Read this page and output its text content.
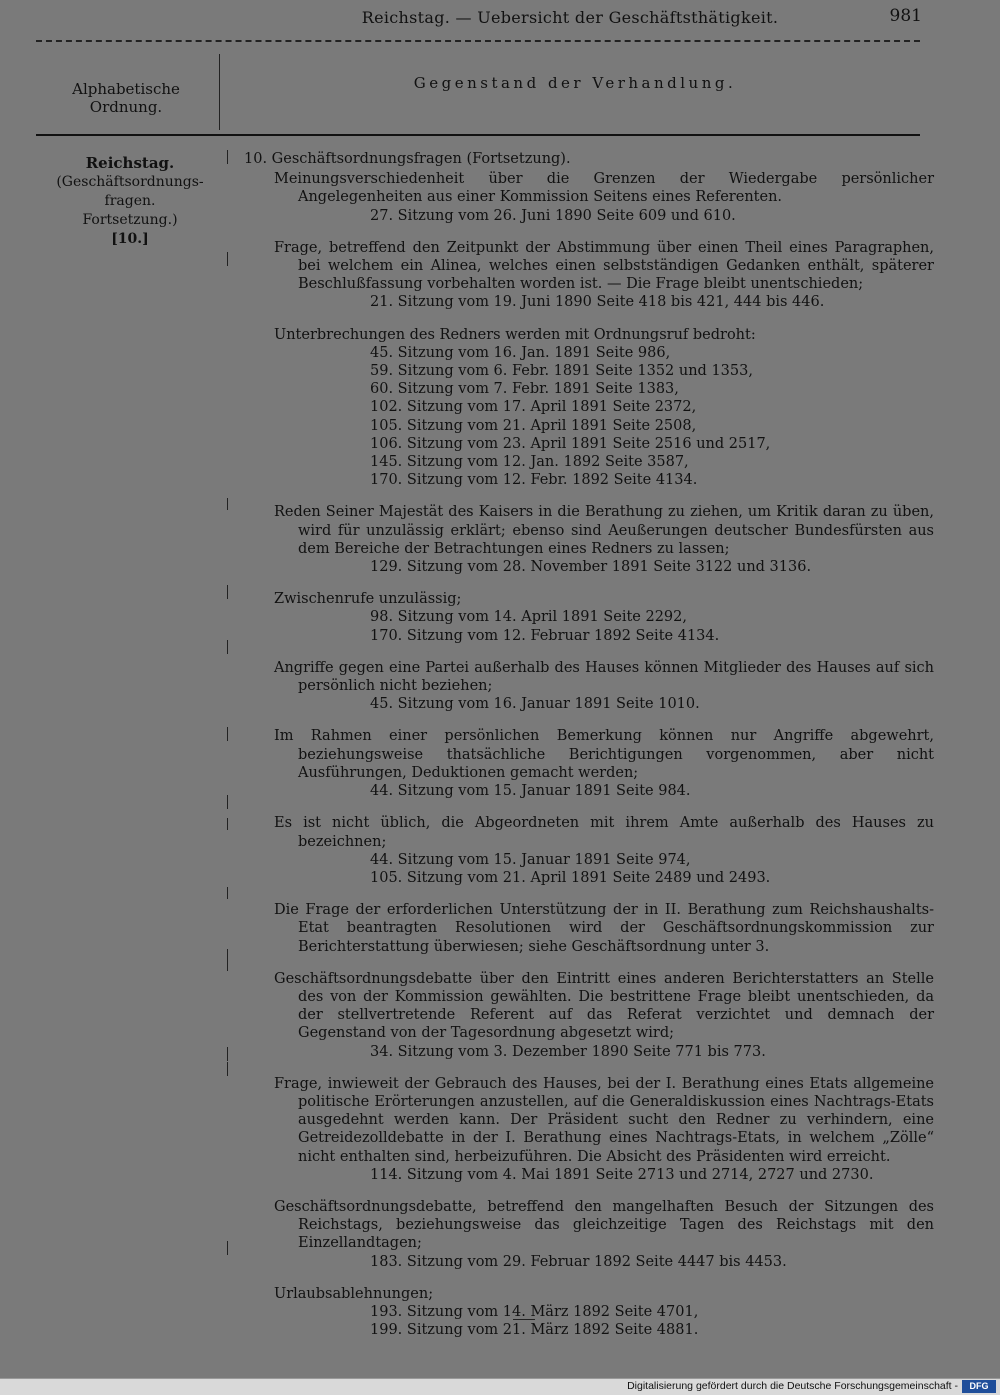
Reichstag. — Uebersicht der Geschäftsthätigkeit.	981
Alphabetische Ordnung.
Gegenstand der Verhandlung.
Reichstag.
(Geschäftsordnungs-
fragen.
Fortsetzung.)
[10.]
10. Geschäftsordnungsfragen (Fortsetzung).
Meinungsverschiedenheit über die Grenzen der Wiedergabe persönlicher Angelegenheiten aus einer Kommission Seitens eines Referenten.
27. Sitzung vom 26. Juni 1890 Seite 609 und 610.
Frage, betreffend den Zeitpunkt der Abstimmung über einen Theil eines Paragraphen, bei welchem ein Alinea, welches einen selbstständigen Gedanken enthält, späterer Beschlußfassung vorbehalten worden ist. — Die Frage bleibt unentschieden;
21. Sitzung vom 19. Juni 1890 Seite 418 bis 421, 444 bis 446.
Unterbrechungen des Redners werden mit Ordnungsruf bedroht:
45. Sitzung vom 16. Jan. 1891 Seite 986,
59. Sitzung vom 6. Febr. 1891 Seite 1352 und 1353,
60. Sitzung vom 7. Febr. 1891 Seite 1383,
102. Sitzung vom 17. April 1891 Seite 2372,
105. Sitzung vom 21. April 1891 Seite 2508,
106. Sitzung vom 23. April 1891 Seite 2516 und 2517,
145. Sitzung vom 12. Jan. 1892 Seite 3587,
170. Sitzung vom 12. Febr. 1892 Seite 4134.
Reden Seiner Majestät des Kaisers in die Berathung zu ziehen, um Kritik daran zu üben, wird für unzulässig erklärt; ebenso sind Aeußerungen deutscher Bundesfürsten aus dem Bereiche der Betrachtungen eines Redners zu lassen;
129. Sitzung vom 28. November 1891 Seite 3122 und 3136.
Zwischenrufe unzulässig;
98. Sitzung vom 14. April 1891 Seite 2292,
170. Sitzung vom 12. Februar 1892 Seite 4134.
Angriffe gegen eine Partei außerhalb des Hauses können Mitglieder des Hauses auf sich persönlich nicht beziehen;
45. Sitzung vom 16. Januar 1891 Seite 1010.
Im Rahmen einer persönlichen Bemerkung können nur Angriffe abgewehrt, beziehungsweise thatsächliche Berichtigungen vorgenommen, aber nicht Ausführungen, Deduktionen gemacht werden;
44. Sitzung vom 15. Januar 1891 Seite 984.
Es ist nicht üblich, die Abgeordneten mit ihrem Amte außerhalb des Hauses zu bezeichnen;
44. Sitzung vom 15. Januar 1891 Seite 974,
105. Sitzung vom 21. April 1891 Seite 2489 und 2493.
Die Frage der erforderlichen Unterstützung der in II. Berathung zum Reichshaushalts-Etat beantragten Resolutionen wird der Geschäftsordnungskommission zur Berichterstattung überwiesen; siehe Geschäftsordnung unter 3.
Geschäftsordnungsdebatte über den Eintritt eines anderen Berichterstatters an Stelle des von der Kommission gewählten. Die bestrittene Frage bleibt unentschieden, da der stellvertretende Referent auf das Referat verzichtet und demnach der Gegenstand von der Tagesordnung abgesetzt wird;
34. Sitzung vom 3. Dezember 1890 Seite 771 bis 773.
Frage, inwieweit der Gebrauch des Hauses, bei der I. Berathung eines Etats allgemeine politische Erörterungen anzustellen, auf die Generaldiskussion eines Nachtrags-Etats ausgedehnt werden kann. Der Präsident sucht den Redner zu verhindern, eine Getreidezolldebatte in der I. Berathung eines Nachtrags-Etats, in welchem „Zölle“ nicht enthalten sind, herbeizuführen. Die Absicht des Präsidenten wird erreicht.
114. Sitzung vom 4. Mai 1891 Seite 2713 und 2714, 2727 und 2730.
Geschäftsordnungsdebatte, betreffend den mangelhaften Besuch der Sitzungen des Reichstags, beziehungsweise das gleichzeitige Tagen des Reichstags mit den Einzellandtagen;
183. Sitzung vom 29. Februar 1892 Seite 4447 bis 4453.
Urlaubsablehnungen;
193. Sitzung vom 14. März 1892 Seite 4701,
199. Sitzung vom 21. März 1892 Seite 4881.
Digitalisierung gefördert durch die Deutsche Forschungsgemeinschaft -	DFG
